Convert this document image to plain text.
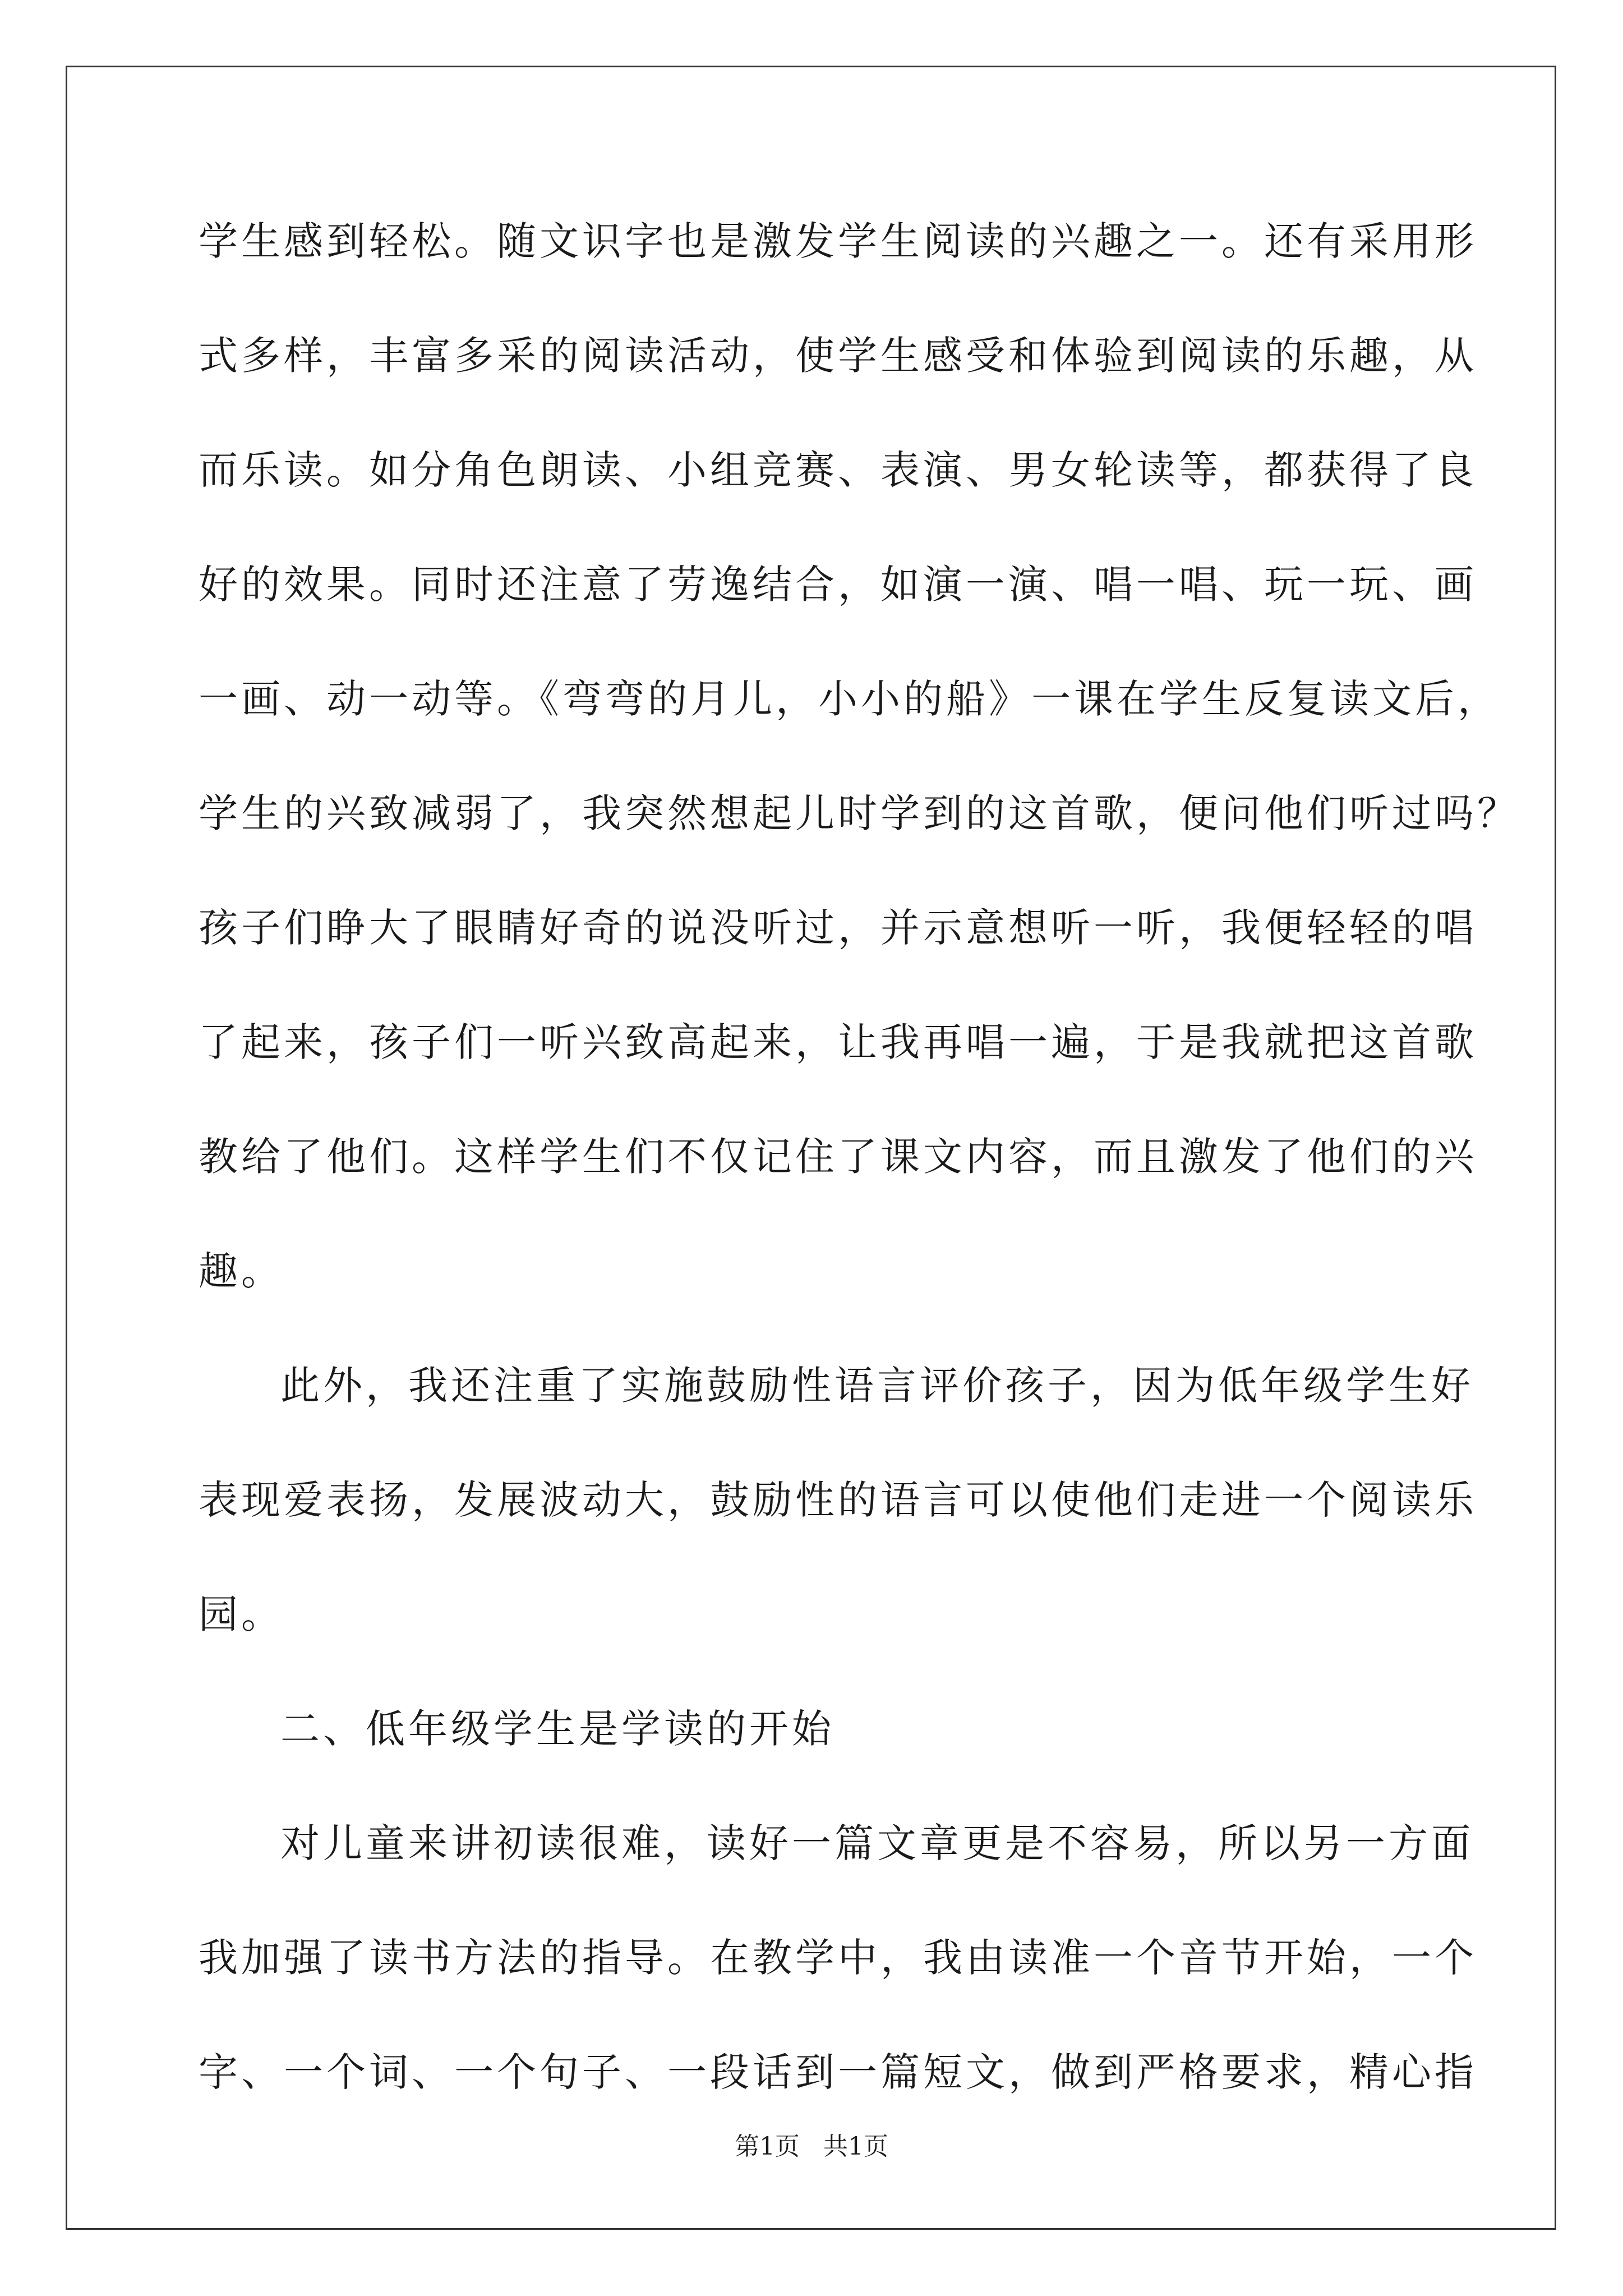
学生感到轻松。随文识字也是激发学生阅读的兴趣之一。还有采用形
式多样，丰富多采的阅读活动，使学生感受和体验到阅读的乐趣，从
而乐读。如分角色朗读、小组竞赛、表演、男女轮读等，都获得了良
好的效果。同时还注意了劳逸结合，如演一演、唱一唱、玩一玩、画
一画、动一动等。《弯弯的月儿，小小的船》一课在学生反复读文后，
学生的兴致减弱了，我突然想起儿时学到的这首歌，便问他们听过吗？
孩子们睁大了眼睛好奇的说没听过，并示意想听一听，我便轻轻的唱
了起来，孩子们一听兴致高起来，让我再唱一遍，于是我就把这首歌
教给了他们。这样学生们不仅记住了课文内容，而且激发了他们的兴
趣。
此外，我还注重了实施鼓励性语言评价孩子，因为低年级学生好
表现爱表扬，发展波动大，鼓励性的语言可以使他们走进一个阅读乐
园。
二、低年级学生是学读的开始
对儿童来讲初读很难，读好一篇文章更是不容易，所以另一方面
我加强了读书方法的指导。在教学中，我由读准一个音节开始，一个
字、一个词、一个句子、一段话到一篇短文，做到严格要求，精心指
第1页 共1页
